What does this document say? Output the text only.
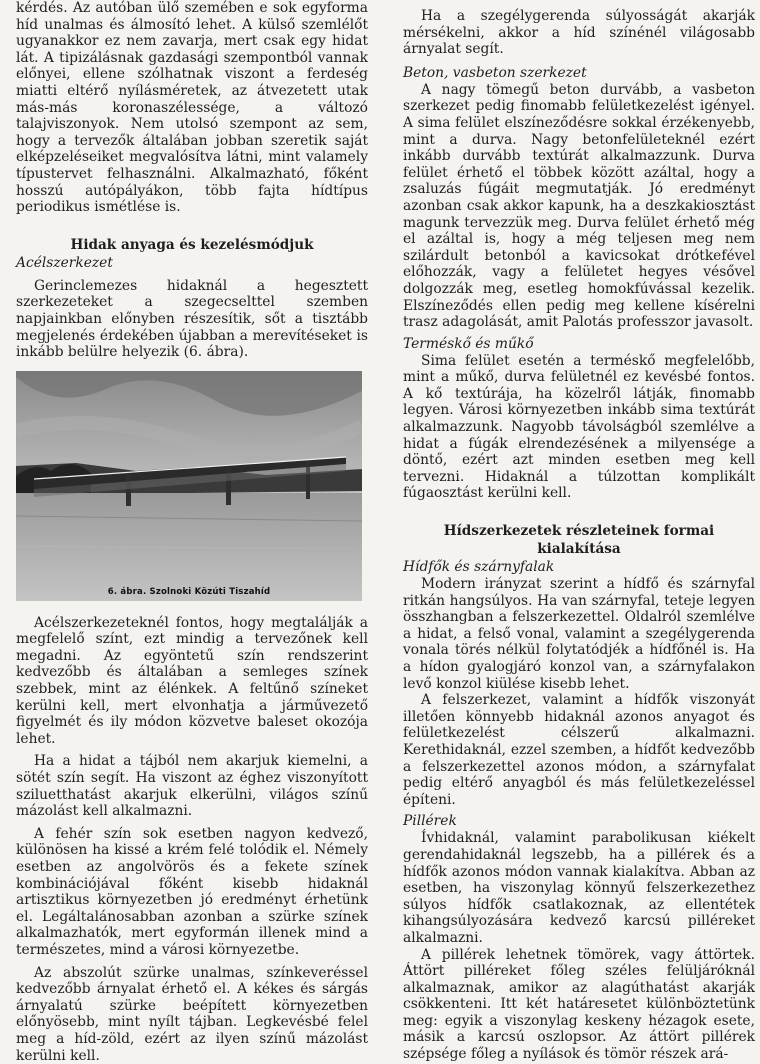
kérdés. Az autóban ülő szemében e sok egyforma híd unalmas és álmosító lehet. A külső szemlélőt ugyanakkor ez nem zavarja, mert csak egy hidat lát. A tipizálásnak gazdasági szempontból vannak előnyei, ellene szólhatnak viszont a ferdeség miatti eltérő nyílásméretek, az átvezetett utak más-más koronaszélessége, a változó talajviszonyok. Nem utolsó szempont az sem, hogy a tervezők általában jobban szeretik saját elképzeléseiket megvalósítva látni, mint valamely típustervet felhasználni. Alkalmazható, főként hosszú autópályákon, több fajta hídtípus periodikus ismétlése is.

Hidak anyaga és kezelésmódjuk
Acélszerkezet

Gerinclemezes hidaknál a hegesztett szerkezeteket a szegecselttel szemben napjainkban előnyben részesítik, sőt a tisztább megjelenés érdekében újabban a merevítéseket is inkább belülre helyezik (6. ábra).

6. ábra. Szolnoki Közúti Tiszahíd

Acélszerkezeteknél fontos, hogy megtalálják a megfelelő színt, ezt mindig a tervezőnek kell megadni. Az egyöntetű szín rendszerint kedvezőbb és általában a semleges színek szebbek, mint az élénkek. A feltűnő színeket kerülni kell, mert elvonhatja a járművezető figyelmét és ily módon közvetve baleset okozója lehet.

Ha a hidat a tájból nem akarjuk kiemelni, a sötét szín segít. Ha viszont az éghez viszonyított sziluetthatást akarjuk elkerülni, világos színű mázolást kell alkalmazni.

A fehér szín sok esetben nagyon kedvező, különösen ha kissé a krém felé tolódik el. Némely esetben az angolvörös és a fekete színek kombinációjával főként kisebb hidaknál artisztikus környezetben jó eredményt érhetünk el. Legáltalánosabban azonban a szürke színek alkalmazhatók, mert egyformán illenek mind a természetes, mind a városi környezetbe.

Az abszolút szürke unalmas, színkeveréssel kedvezőbb árnyalat érhető el. A kékes és sárgás árnyalatú szürke beépített környezetben előnyösebb, mint nyílt tájban. Legkevésbé felel meg a híd-zöld, ezért az ilyen színű mázolást kerülni kell.

Ha a szegélygerenda súlyosságát akarják mérsékelni, akkor a híd színénél világosabb árnyalat segít.

Beton, vasbeton szerkezet

A nagy tömegű beton durvább, a vasbeton szerkezet pedig finomabb felületkezelést igényel. A sima felület elszíneződésre sokkal érzékenyebb, mint a durva. Nagy betonfelületeknél ezért inkább durvább textúrát alkalmazzunk. Durva felület érhető el többek között azáltal, hogy a zsaluzás fúgáit megmutatják. Jó eredményt azonban csak akkor kapunk, ha a deszkakiosztást magunk tervezzük meg. Durva felület érhető még el azáltal is, hogy a még teljesen meg nem szilárdult betonból a kavicsokat drótkefével előhozzák, vagy a felületet hegyes vésővel dolgozzák meg, esetleg homokfúvással kezelik. Elszíneződés ellen pedig meg kellene kísérelni trasz adagolását, amit Palotás professzor javasolt.

Terméskő és műkő

Sima felület esetén a terméskő megfelelőbb, mint a műkő, durva felületnél ez kevésbé fontos. A kő textúrája, ha közelről látják, finomabb legyen. Városi környezetben inkább sima textúrát alkalmazzunk. Nagyobb távolságból szemlélve a hidat a fúgák elrendezésének a milyensége a döntő, ezért azt minden esetben meg kell tervezni. Hidaknál a túlzottan komplikált fúgaosztást kerülni kell.

Hídszerkezetek részleteinek formai kialakítása
Hídfők és szárnyfalak

Modern irányzat szerint a hídfő és szárnyfal ritkán hangsúlyos. Ha van szárnyfal, teteje legyen összhangban a felszerkezettel. Oldalról szemlélve a hidat, a felső vonal, valamint a szegélygerenda vonala törés nélkül folytatódjék a hídfőnél is. Ha a hídon gyalogjáró konzol van, a szárnyfalakon levő konzol kiülése kisebb lehet.

A felszerkezet, valamint a hídfők viszonyát illetően könnyebb hidaknál azonos anyagot és felületkezelést célszerű alkalmazni. Kerethidaknál, ezzel szemben, a hídfőt kedvezőbb a felszerkezettel azonos módon, a szárnyfalat pedig eltérő anyagból és más felületkezeléssel építeni.

Pillérek

Ívhidaknál, valamint parabolikusan kiékelt gerendahidaknál legszebb, ha a pillérek és a hídfők azonos módon vannak kialakítva. Abban az esetben, ha viszonylag könnyű felszerkezethez súlyos hídfők csatlakoznak, az ellentétek kihangsúlyozására kedvező karcsú pilléreket alkalmazni.

A pillérek lehetnek tömörek, vagy áttörtek. Áttört pilléreket főleg széles felüljáróknál alkalmaznak, amikor az alagúthatást akarják csökkenteni. Itt két határesetet különböztetünk meg: egyik a viszonylag keskeny hézagok esete, másik a karcsú oszlopsor. Az áttört pillérek szépsége főleg a nyílások és tömör részek ará-
